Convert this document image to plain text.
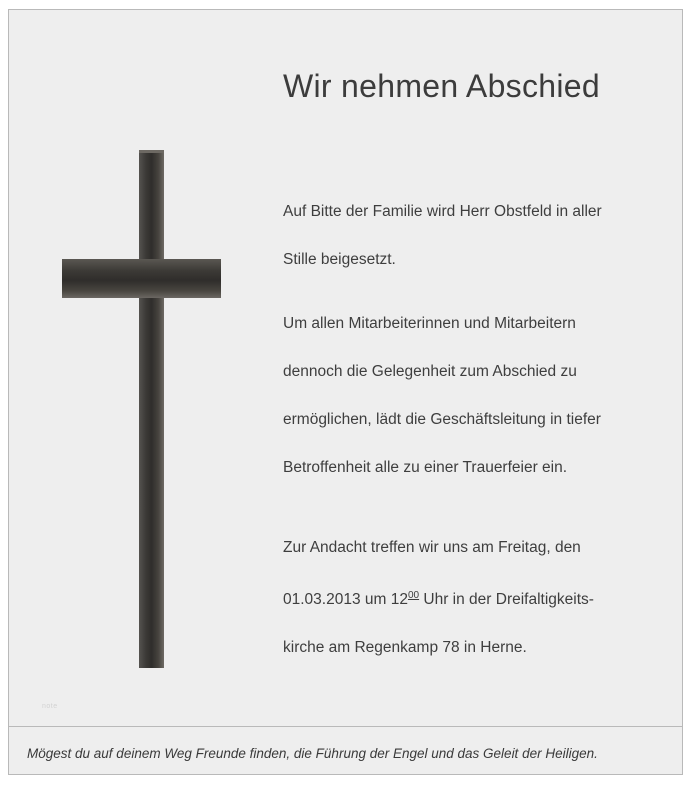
Wir nehmen Abschied

Auf Bitte der Familie wird Herr Obstfeld in aller

Stille beigesetzt.

Um allen Mitarbeiterinnen und Mitarbeitern

dennoch die Gelegenheit zum Abschied zu

ermöglichen, lädt die Geschäftsleitung in tiefer

Betroffenheit alle zu einer Trauerfeier ein.

Zur Andacht treffen wir uns am Freitag, den

01.03.2013 um $12^{00}$ Uhr in der Dreifaltigkeits-

kirche am Regenkamp 78 in Herne.

note
Mögest du auf deinem Weg Freunde finden, die Führung der Engel und das Geleit der Heiligen.
